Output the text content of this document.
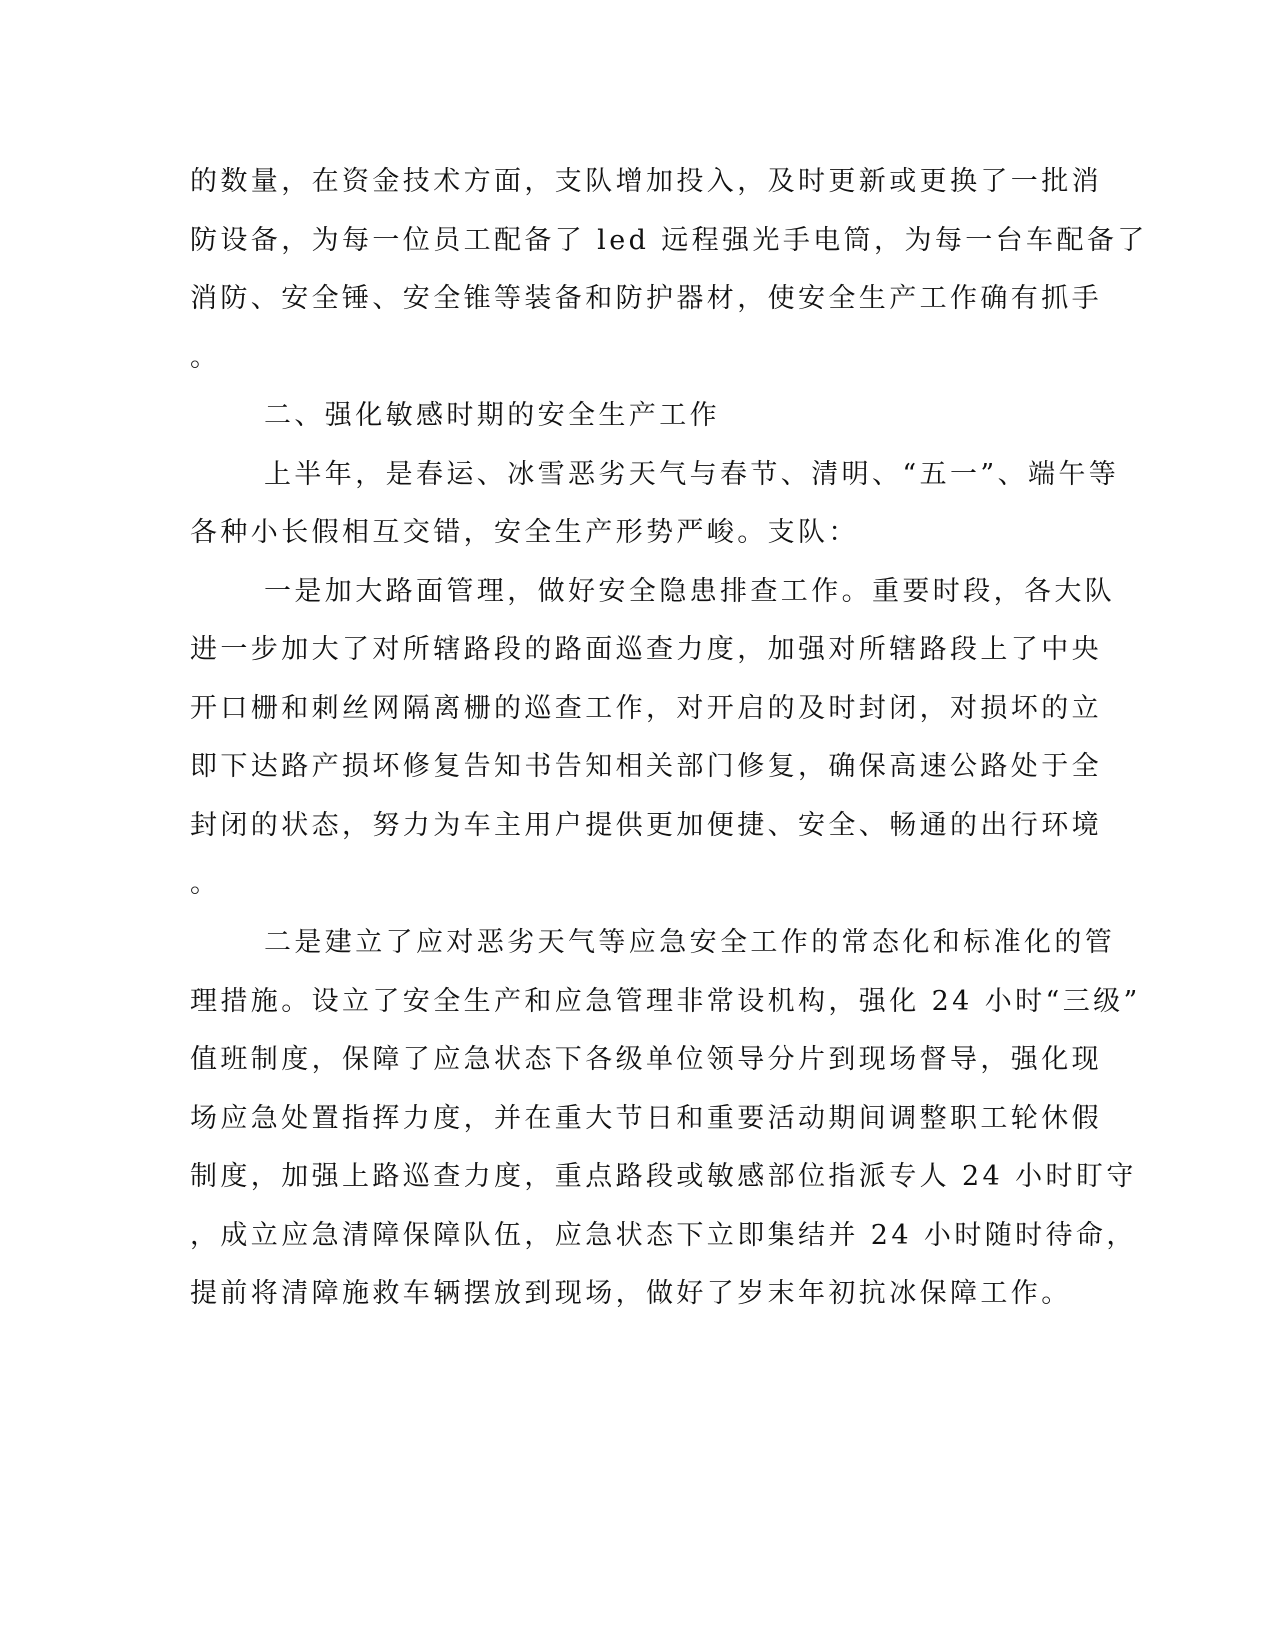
的数量，在资金技术方面，支队增加投入，及时更新或更换了一批消
防设备，为每一位员工配备了 led 远程强光手电筒，为每一台车配备了
消防、安全锤、安全锥等装备和防护器材，使安全生产工作确有抓手
。
二、强化敏感时期的安全生产工作
上半年，是春运、冰雪恶劣天气与春节、清明、“五一”、端午等
各种小长假相互交错，安全生产形势严峻。支队：
一是加大路面管理，做好安全隐患排查工作。重要时段，各大队
进一步加大了对所辖路段的路面巡查力度，加强对所辖路段上了中央
开口栅和刺丝网隔离栅的巡查工作，对开启的及时封闭，对损坏的立
即下达路产损坏修复告知书告知相关部门修复，确保高速公路处于全
封闭的状态，努力为车主用户提供更加便捷、安全、畅通的出行环境
。
二是建立了应对恶劣天气等应急安全工作的常态化和标准化的管
理措施。设立了安全生产和应急管理非常设机构，强化 24 小时“三级”
值班制度，保障了应急状态下各级单位领导分片到现场督导，强化现
场应急处置指挥力度，并在重大节日和重要活动期间调整职工轮休假
制度，加强上路巡查力度，重点路段或敏感部位指派专人 24 小时盯守
，成立应急清障保障队伍，应急状态下立即集结并 24 小时随时待命，
提前将清障施救车辆摆放到现场，做好了岁末年初抗冰保障工作。
